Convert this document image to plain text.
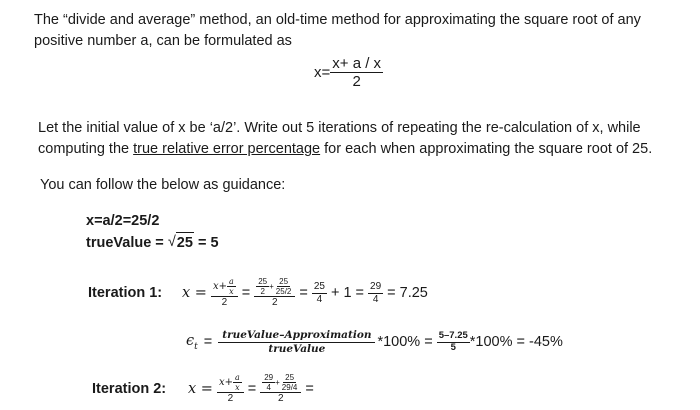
The “divide and average” method, an old-time method for approximating the square root of any
positive number a, can be formulated as
$x= \frac{x+ a / x}{2}$
Let the initial value of x be ‘a/2’. Write out 5 iterations of repeating the re-calculation of x, while
computing the true relative error percentage for each when approximating the square root of 25.
You can follow the below as guidance:
x=a/2=25/2
trueValue = √ 25 = 5
Iteration 1:	$x = \frac{x+ \frac{a}{x}}{2} = \frac{\frac{25}{2} + \frac{25}{25/2}}{2} = \frac{25}{4} + 1 = \frac{29}{4} = 7.25$
$\epsilon_t = \frac{\text{trueValue–Approximation}}{\text{trueValue}} *100\% = \frac{5-7.25}{5} *100\% = -45\%$
Iteration 2:	$x = \frac{x+ \frac{a}{x}}{2} = \frac{\frac{29}{4} + \frac{25}{29/4}}{2}$ =
